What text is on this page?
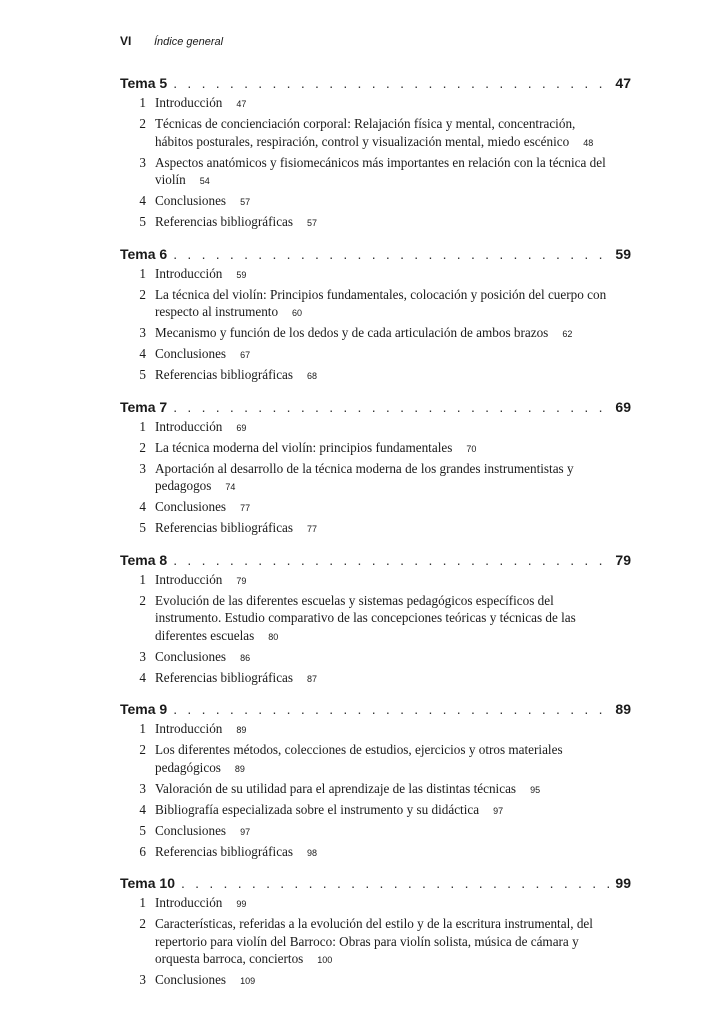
VI	Índice general
Tema 5 . . .	47
1 Introducción 47
2 Técnicas de concienciación corporal: Relajación física y mental, concentración, hábitos posturales, respiración, control y visualización mental, miedo escénico 48
3 Aspectos anatómicos y fisiomecánicos más importantes en relación con la técnica del violín 54
4 Conclusiones 57
5 Referencias bibliográficas 57
Tema 6 . . .	59
1 Introducción 59
2 La técnica del violín: Principios fundamentales, colocación y posición del cuerpo con respecto al instrumento 60
3 Mecanismo y función de los dedos y de cada articulación de ambos brazos 62
4 Conclusiones 67
5 Referencias bibliográficas 68
Tema 7 . . .	69
1 Introducción 69
2 La técnica moderna del violín: principios fundamentales 70
3 Aportación al desarrollo de la técnica moderna de los grandes instrumentistas y pedagogos 74
4 Conclusiones 77
5 Referencias bibliográficas 77
Tema 8 . . .	79
1 Introducción 79
2 Evolución de las diferentes escuelas y sistemas pedagógicos específicos del instrumento. Estudio comparativo de las concepciones teóricas y técnicas de las diferentes escuelas 80
3 Conclusiones 86
4 Referencias bibliográficas 87
Tema 9 . . .	89
1 Introducción 89
2 Los diferentes métodos, colecciones de estudios, ejercicios y otros materiales pedagógicos 89
3 Valoración de su utilidad para el aprendizaje de las distintas técnicas 95
4 Bibliografía especializada sobre el instrumento y su didáctica 97
5 Conclusiones 97
6 Referencias bibliográficas 98
Tema 10 . . .	99
1 Introducción 99
2 Características, referidas a la evolución del estilo y de la escritura instrumental, del repertorio para violín del Barroco: Obras para violín solista, música de cámara y orquesta barroca, conciertos 100
3 Conclusiones 109
